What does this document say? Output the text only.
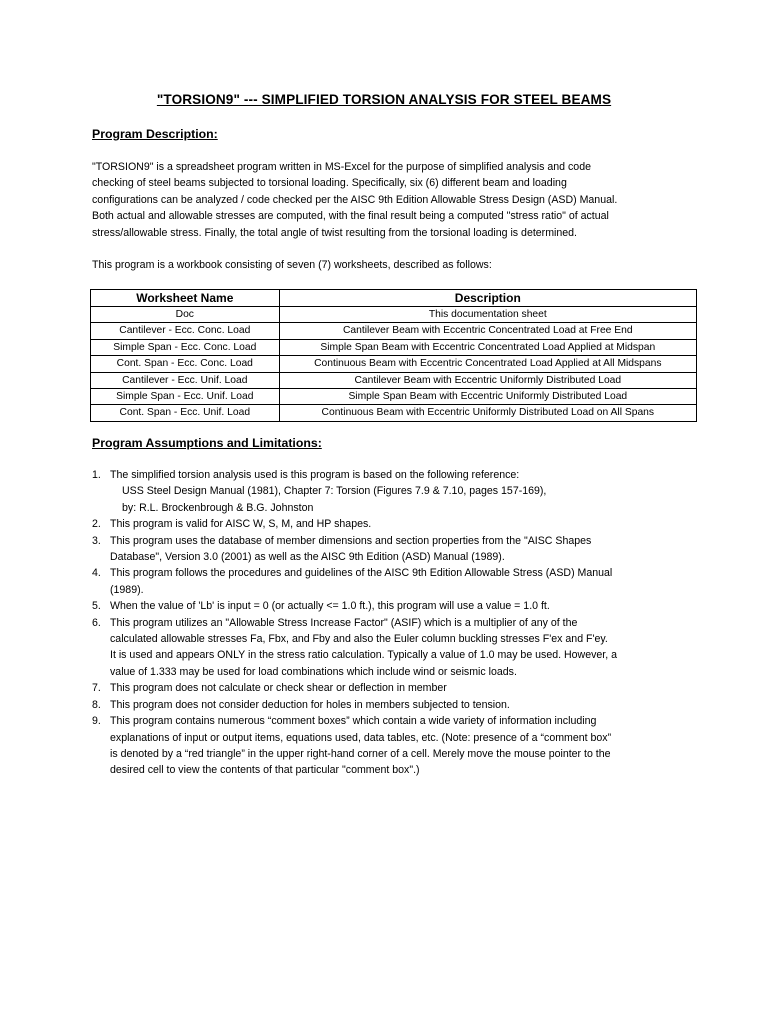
"TORSION9" --- SIMPLIFIED TORSION ANALYSIS FOR STEEL BEAMS
Program Description:
"TORSION9" is a spreadsheet program written in MS-Excel for the purpose of simplified analysis and code
checking of steel beams subjected to torsional loading. Specifically, six (6) different beam and loading
configurations can be analyzed / code checked per the AISC 9th Edition Allowable Stress Design (ASD) Manual.
Both actual and allowable stresses are computed, with the final result being a computed "stress ratio" of actual
stress/allowable stress. Finally, the total angle of twist resulting from the torsional loading is determined.
This program is a workbook consisting of seven (7) worksheets, described as follows:
Worksheet Name	Description
Doc	This documentation sheet
Cantilever - Ecc. Conc. Load	Cantilever Beam with Eccentric Concentrated Load at Free End
Simple Span - Ecc. Conc. Load	Simple Span Beam with Eccentric Concentrated Load Applied at Midspan
Cont. Span - Ecc. Conc. Load	Continuous Beam with Eccentric Concentrated Load Applied at All Midspans
Cantilever - Ecc. Unif. Load	Cantilever Beam with Eccentric Uniformly Distributed Load
Simple Span - Ecc. Unif. Load	Simple Span Beam with Eccentric Uniformly Distributed Load
Cont. Span - Ecc. Unif. Load	Continuous Beam with Eccentric Uniformly Distributed Load on All Spans
Program Assumptions and Limitations:
1. The simplified torsion analysis used is this program is based on the following reference:
USS Steel Design Manual (1981), Chapter 7: Torsion (Figures 7.9 & 7.10, pages 157-169),
by: R.L. Brockenbrough & B.G. Johnston
2. This program is valid for AISC W, S, M, and HP shapes.
3. This program uses the database of member dimensions and section properties from the "AISC Shapes
Database", Version 3.0 (2001) as well as the AISC 9th Edition (ASD) Manual (1989).
4. This program follows the procedures and guidelines of the AISC 9th Edition Allowable Stress (ASD) Manual
(1989).
5. When the value of 'Lb' is input = 0 (or actually <= 1.0 ft.), this program will use a value = 1.0 ft.
6. This program utilizes an "Allowable Stress Increase Factor" (ASIF) which is a multiplier of any of the
calculated allowable stresses Fa, Fbx, and Fby and also the Euler column buckling stresses F'ex and F'ey.
It is used and appears ONLY in the stress ratio calculation. Typically a value of 1.0 may be used. However, a
value of 1.333 may be used for load combinations which include wind or seismic loads.
7. This program does not calculate or check shear or deflection in member
8. This program does not consider deduction for holes in members subjected to tension.
9. This program contains numerous “comment boxes” which contain a wide variety of information including
explanations of input or output items, equations used, data tables, etc. (Note: presence of a “comment box”
is denoted by a “red triangle” in the upper right-hand corner of a cell. Merely move the mouse pointer to the
desired cell to view the contents of that particular "comment box".)
